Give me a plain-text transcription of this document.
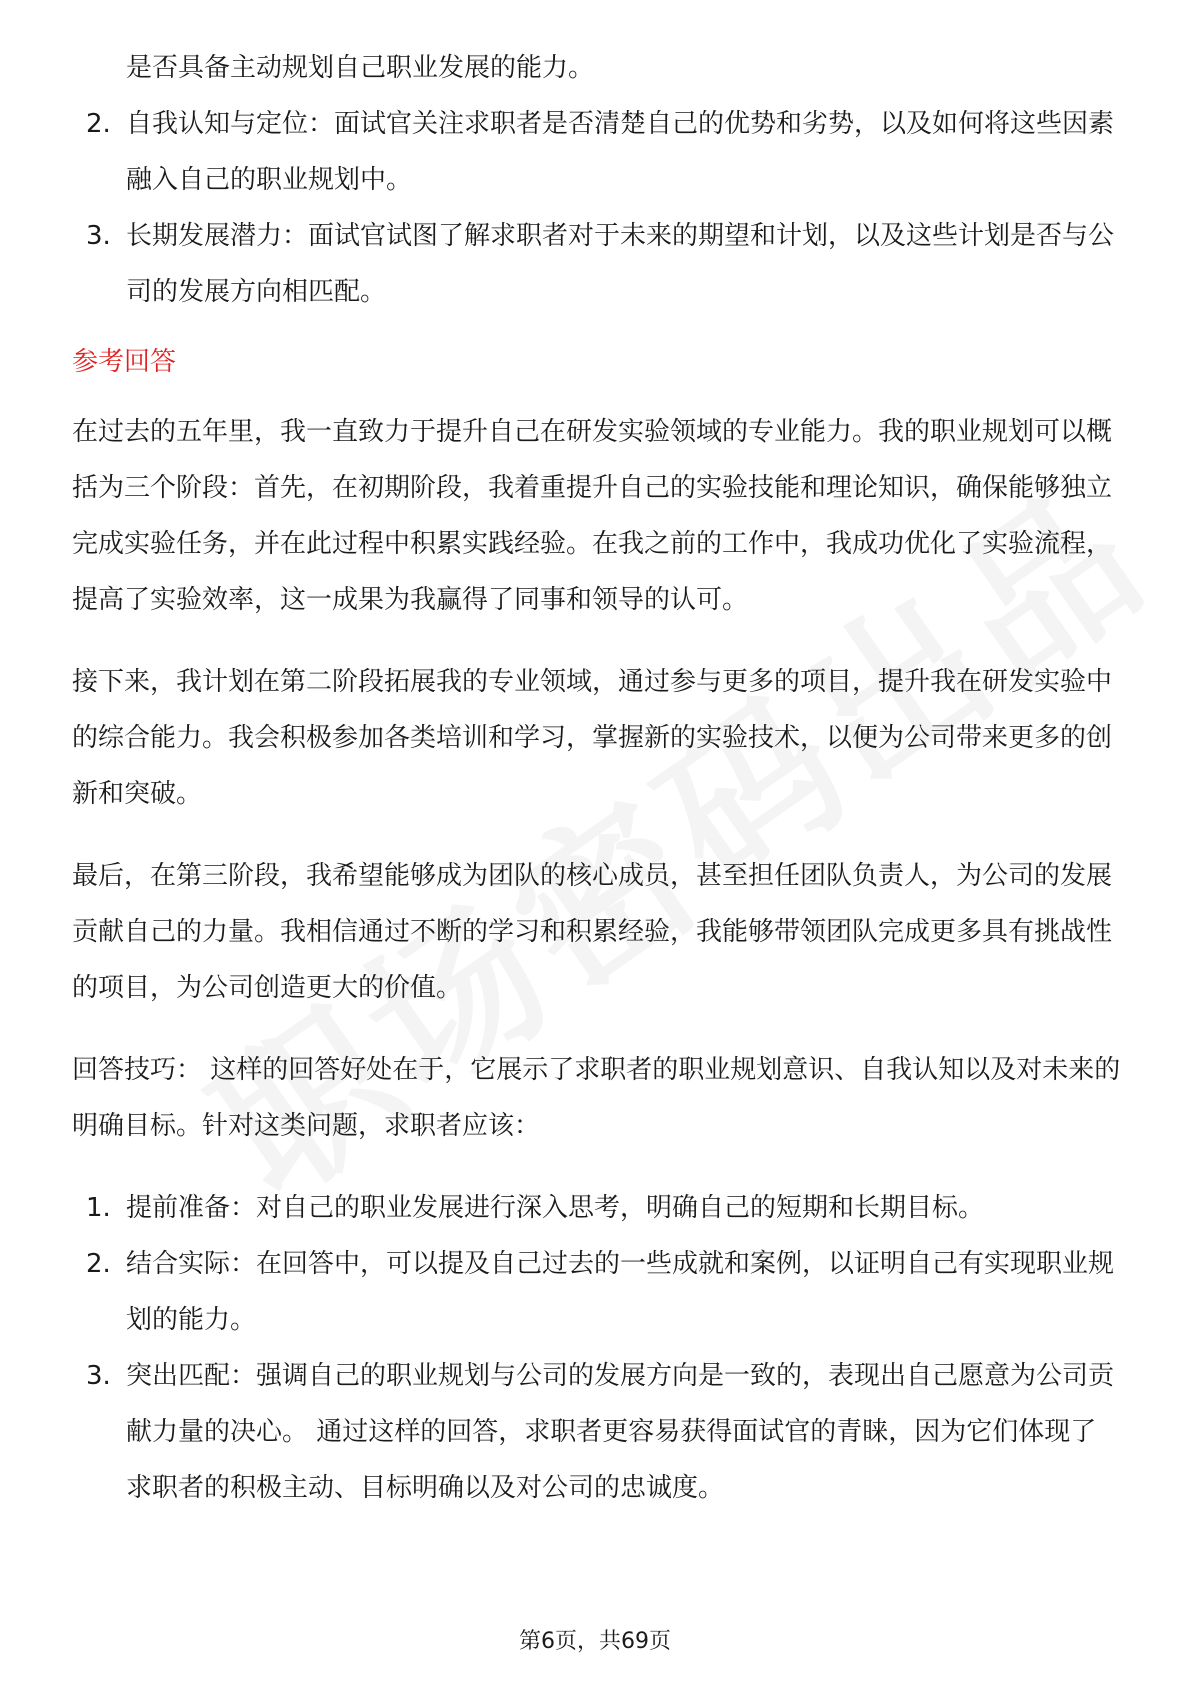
是否具备主动规划自己职业发展的能力。
2. 自我认知与定位：面试官关注求职者是否清楚自己的优势和劣势，以及如何将这些因素融入自己的职业规划中。
3. 长期发展潜力：面试官试图了解求职者对于未来的期望和计划，以及这些计划是否与公司的发展方向相匹配。
参考回答

在过去的五年里，我一直致力于提升自己在研发实验领域的专业能力。我的职业规划可以概括为三个阶段：首先，在初期阶段，我着重提升自己的实验技能和理论知识，确保能够独立完成实验任务，并在此过程中积累实践经验。在我之前的工作中，我成功优化了实验流程，提高了实验效率，这一成果为我赢得了同事和领导的认可。

接下来，我计划在第二阶段拓展我的专业领域，通过参与更多的项目，提升我在研发实验中的综合能力。我会积极参加各类培训和学习，掌握新的实验技术，以便为公司带来更多的创新和突破。

最后，在第三阶段，我希望能够成为团队的核心成员，甚至担任团队负责人，为公司的发展贡献自己的力量。我相信通过不断的学习和积累经验，我能够带领团队完成更多具有挑战性的项目，为公司创造更大的价值。

回答技巧： 这样的回答好处在于，它展示了求职者的职业规划意识、自我认知以及对未来的明确目标。针对这类问题，求职者应该：

1. 提前准备：对自己的职业发展进行深入思考，明确自己的短期和长期目标。
2. 结合实际：在回答中，可以提及自己过去的一些成就和案例，以证明自己有实现职业规划的能力。
3. 突出匹配：强调自己的职业规划与公司的发展方向是一致的，表现出自己愿意为公司贡献力量的决心。 通过这样的回答，求职者更容易获得面试官的青睐，因为它们体现了求职者的积极主动、目标明确以及对公司的忠诚度。
第6页，共69页
